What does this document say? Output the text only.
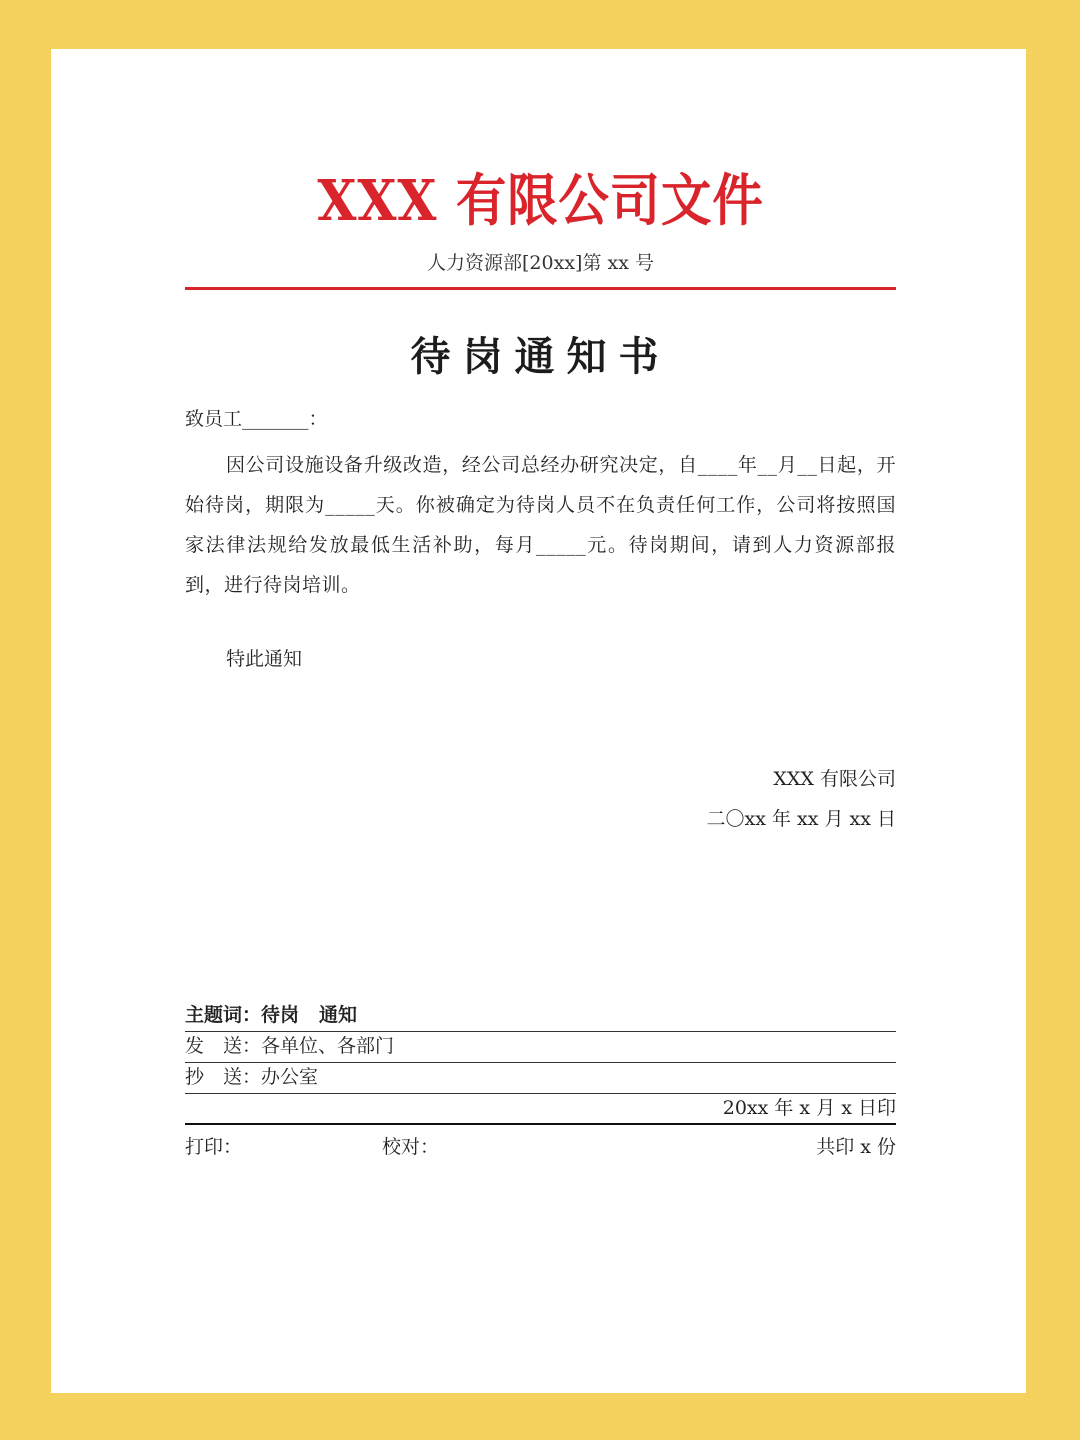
XXX 有限公司文件
人力资源部[20xx]第 xx 号
待岗通知书
致员工_______：
因公司设施设备升级改造，经公司总经办研究决定，自____年__月__日起，开始待岗，期限为_____天。你被确定为待岗人员不在负责任何工作，公司将按照国家法律法规给发放最低生活补助，每月_____元。待岗期间，请到人力资源部报到，进行待岗培训。
特此通知
XXX 有限公司
二〇xx 年 xx 月 xx 日
主题词：待岗 通知
发　送：各单位、各部门
抄　送：办公室
20xx 年 x 月 x 日印
打印：	校对：	共印 x 份
